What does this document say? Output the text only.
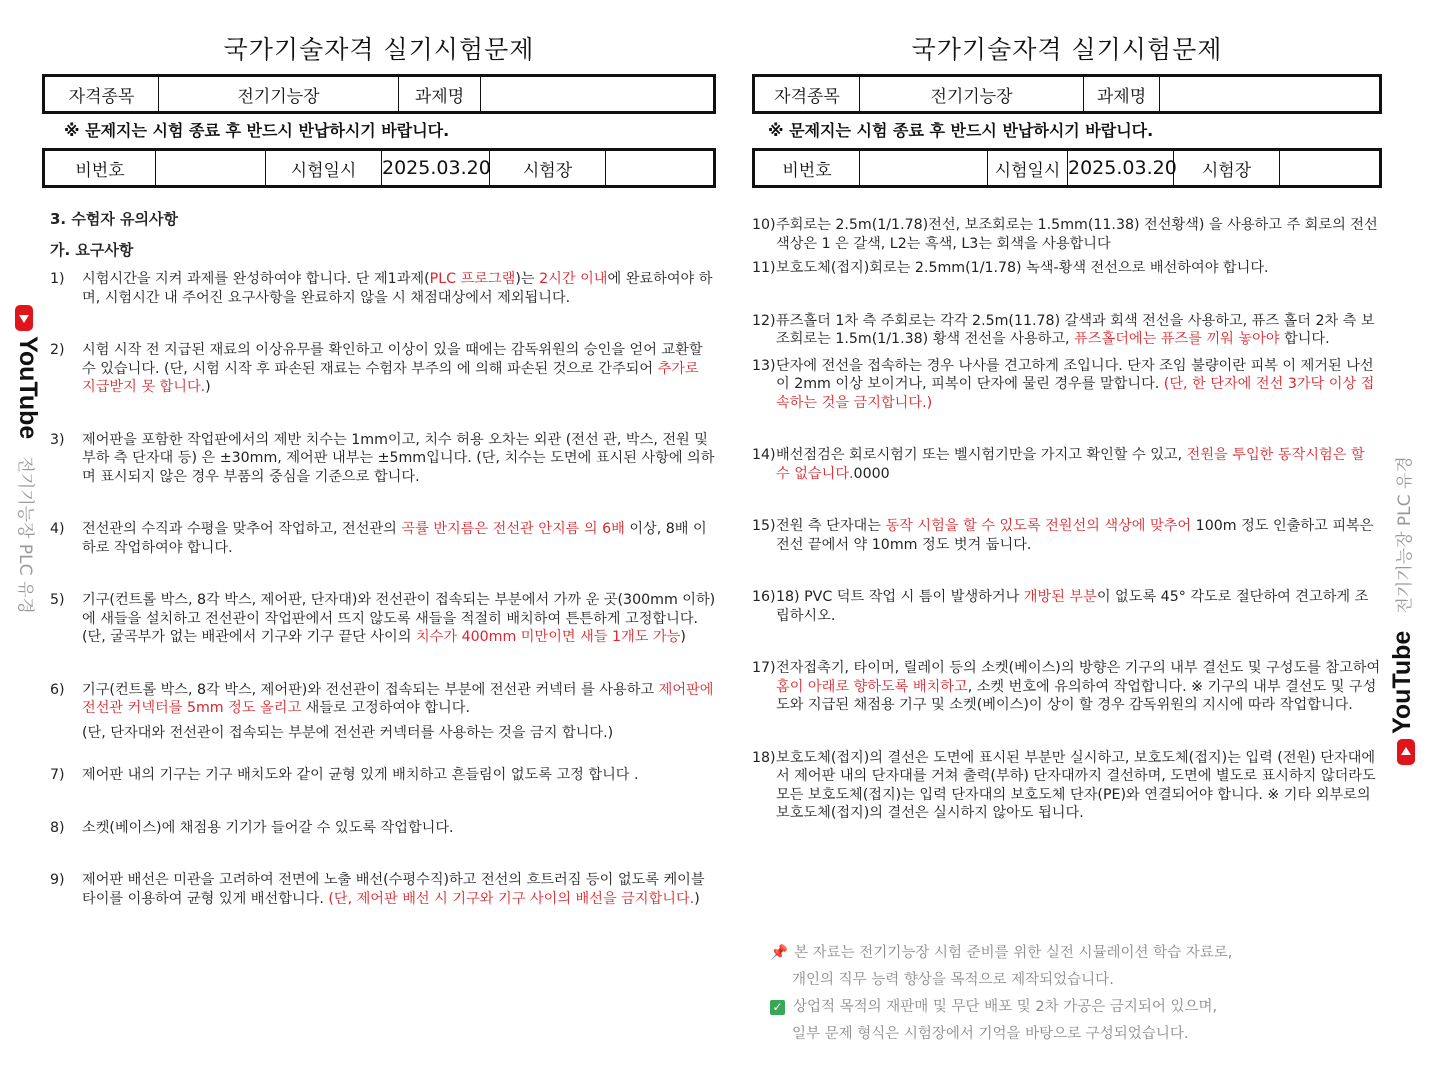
국가기술자격 실기시험문제
자격종목	전기기능장	과제명	
※ 문제지는 시험 종료 후 반드시 반납하시기 바랍니다.
비번호		시험일시	2025.03.20	시험장	
3. 수험자 유의사항
가. 요구사항
1) 시험시간을 지켜 과제를 완성하여야 합니다. 단 제1과제(PLC 프로그램)는 2시간 이내에 완료하여야 하며, 시험시간 내 주어진 요구사항을 완료하지 않을 시 채점대상에서 제외됩니다.
2) 시험 시작 전 지급된 재료의 이상유무를 확인하고 이상이 있을 때에는 감독위원의 승인을 얻어 교환할 수 있습니다. (단, 시험 시작 후 파손된 재료는 수험자 부주의 에 의해 파손된 것으로 간주되어 추가로 지급받지 못 합니다.)
3) 제어판을 포함한 작업판에서의 제반 치수는 1mm이고, 치수 허용 오차는 외관 (전선 관, 박스, 전원 및 부하 측 단자대 등) 은 ±30mm, 제어판 내부는 ±5mm입니다. (단, 치수는 도면에 표시된 사항에 의하며 표시되지 않은 경우 부품의 중심을 기준으로 합니다.
4) 전선관의 수직과 수평을 맞추어 작업하고, 전선관의 곡률 반지름은 전선관 안지름 의 6배 이상, 8배 이하로 작업하여야 합니다.
5) 기구(컨트롤 박스, 8각 박스, 제어판, 단자대)와 전선관이 접속되는 부분에서 가까 운 곳(300mm 이하)에 새들을 설치하고 전선관이 작업판에서 뜨지 않도록 새들을 적절히 배치하여 튼튼하게 고정합니다. (단, 굴곡부가 없는 배관에서 기구와 기구 끝단 사이의 치수가 400mm 미만이면 새들 1개도 가능)
6) 기구(컨트롤 박스, 8각 박스, 제어판)와 전선관이 접속되는 부분에 전선관 커넥터 를 사용하고 제어판에 전선관 커넥터를 5mm 정도 올리고 새들로 고정하여야 합니다.
(단, 단자대와 전선관이 접속되는 부분에 전선관 커넥터를 사용하는 것을 금지 합니다.)
7) 제어판 내의 기구는 기구 배치도와 같이 균형 있게 배치하고 흔들림이 없도록 고정 합니다 .
8) 소켓(베이스)에 채점용 기기가 들어갈 수 있도록 작업합니다.
9) 제어판 배선은 미관을 고려하여 전면에 노출 배선(수평수직)하고 전선의 흐트러짐 등이 없도록 케이블 타이를 이용하여 균형 있게 배선합니다. (단, 제어판 배선 시 기구와 기구 사이의 배선을 금지합니다.)
국가기술자격 실기시험문제
자격종목	전기기능장	과제명	
※ 문제지는 시험 종료 후 반드시 반납하시기 바랍니다.
비번호		시험일시	2025.03.20	시험장	
10) 주회로는 2.5m(1/1.78)전선, 보조회로는 1.5mm(11.38) 전선황색) 을 사용하고 주 회로의 전선 색상은 1 은 갈색, L2는 흑색, L3는 회색을 사용합니다
11) 보호도체(접지)회로는 2.5mm(1/1.78) 녹색-황색 전선으로 배선하여야 합니다.
12) 퓨즈홀더 1차 측 주회로는 각각 2.5m(11.78) 갈색과 회색 전선을 사용하고, 퓨즈 홀더 2차 측 보조회로는 1.5m(1/1.38) 황색 전선을 사용하고, 퓨즈홀더에는 퓨즈를 끼워 놓아야 합니다.
13) 단자에 전선을 접속하는 경우 나사를 견고하게 조입니다. 단자 조임 불량이란 피복 이 제거된 나선이 2mm 이상 보이거나, 피복이 단자에 물린 경우를 말합니다. (단, 한 단자에 전선 3가닥 이상 접속하는 것을 금지합니다.)
14) 배선점검은 회로시험기 또는 벨시험기만을 가지고 확인할 수 있고, 전원을 투입한 동작시험은 할 수 없습니다.0000
15) 전원 측 단자대는 동작 시험을 할 수 있도록 전원선의 색상에 맞추어 100m 정도 인출하고 피복은 전선 끝에서 약 10mm 정도 벗겨 둡니다.
16) 18) PVC 덕트 작업 시 틈이 발생하거나 개방된 부분이 없도록 45° 각도로 절단하여 견고하게 조립하시오.
17) 전자접촉기, 타이머, 릴레이 등의 소켓(베이스)의 방향은 기구의 내부 결선도 및 구성도를 참고하여 홈이 아래로 향하도록 배치하고, 소켓 번호에 유의하여 작업합니다. ※ 기구의 내부 결선도 및 구성도와 지급된 채점용 기구 및 소켓(베이스)이 상이 할 경우 감독위원의 지시에 따라 작업합니다.
18) 보호도체(접지)의 결선은 도면에 표시된 부분만 실시하고, 보호도체(접지)는 입력 (전원) 단자대에서 제어판 내의 단자대를 거쳐 출력(부하) 단자대까지 결선하며, 도면에 별도로 표시하지 않더라도 모든 보호도체(접지)는 입력 단자대의 보호도체 단자(PE)와 연결되어야 합니다. ※ 기타 외부로의 보호도체(접지)의 결선은 실시하지 않아도 됩니다.
📌 본 자료는 전기기능장 시험 준비를 위한 실전 시뮬레이션 학습 자료로,
개인의 직무 능력 향상을 목적으로 제작되었습니다.
✓ 상업적 목적의 재판매 및 무단 배포 및 2차 가공은 금지되어 있으며,
일부 문제 형식은 시험장에서 기억을 바탕으로 구성되었습니다.
YouTube 전기기능장 PLC 유경
YouTube 전기기능장 PLC 유경
